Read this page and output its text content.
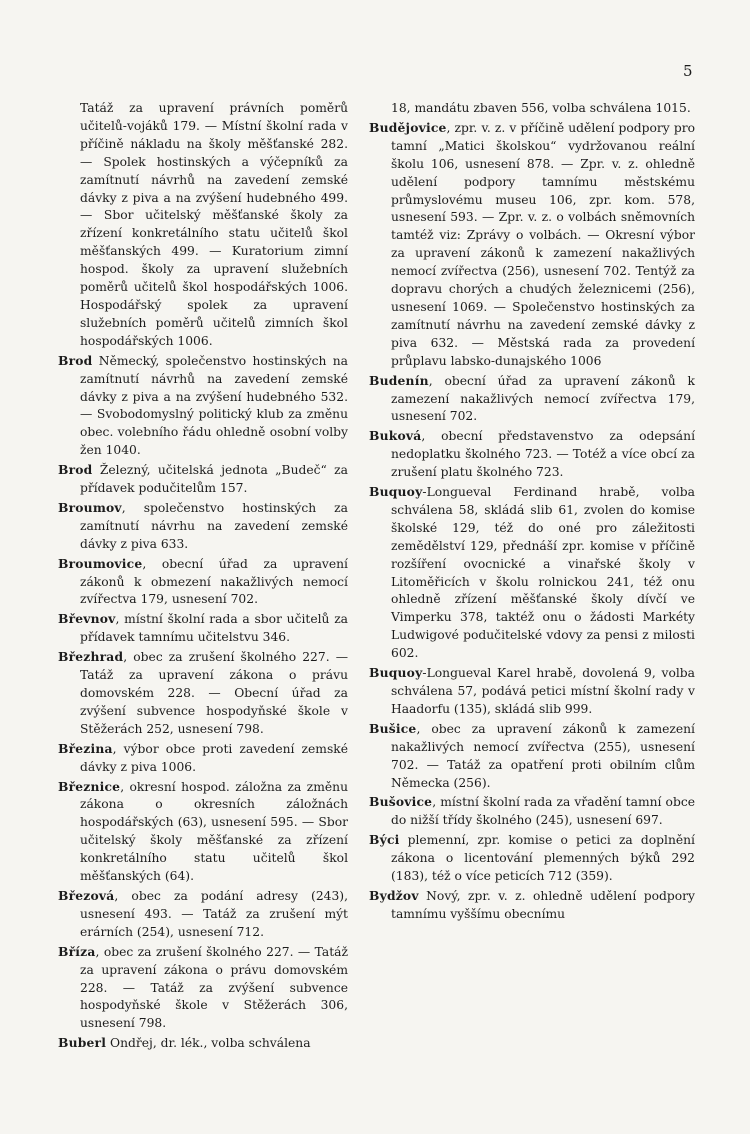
5

Tatáž za upravení právních poměrů učitelů-vojáků 179. — Místní školní rada v příčině nákladu na školy měšťanské 282. — Spolek hostinských a výčepníků za zamítnutí návrhů na zavedení zemské dávky z piva a na zvýšení hudebného 499. — Sbor učitelský měšťanské školy za zřízení konkretálního statu učitelů škol měšťanských 499. — Kuratorium zimní hospod. školy za upravení služebních poměrů učitelů škol hospodářských 1006. Hospodářský spolek za upravení služebních poměrů učitelů zimních škol hospodářských 1006.

Brod Německý, společenstvo hostinských na zamítnutí návrhů na zavedení zemské dávky z piva a na zvýšení hudebného 532. — Svobodomyslný politický klub za změnu obec. volebního řádu ohledně osobní volby žen 1040.

Brod Železný, učitelská jednota „Budeč“ za přídavek podučitelům 157.

Broumov, společenstvo hostinských za zamítnutí návrhu na zavedení zemské dávky z piva 633.

Broumovice, obecní úřad za upravení zákonů k obmezení nakažlivých nemocí zvířectva 179, usnesení 702.

Břevnov, místní školní rada a sbor učitelů za přídavek tamnímu učitelstvu 346.

Březhrad, obec za zrušení školného 227. — Tatáž za upravení zákona o právu domovském 228. — Obecní úřad za zvýšení subvence hospodyňské škole v Stěžerách 252, usnesení 798.

Březina, výbor obce proti zavedení zemské dávky z piva 1006.

Březnice, okresní hospod. záložna za změnu zákona o okresních záložnách hospodářských (63), usnesení 595. — Sbor učitelský školy měšťanské za zřízení konkretálního statu učitelů škol měšťanských (64).

Březová, obec za podání adresy (243), usnesení 493. — Tatáž za zrušení mýt erárních (254), usnesení 712.

Bříza, obec za zrušení školného 227. — Tatáž za upravení zákona o právu domovském 228. — Tatáž za zvýšení subvence hospodyňské škole v Stěžerách 306, usnesení 798.

Buberl Ondřej, dr. lék., volba schválena

18, mandátu zbaven 556, volba schválena 1015.

Budějovice, zpr. v. z. v příčině udělení podpory pro tamní „Matici školskou“ vydržovanou reální školu 106, usnesení 878. — Zpr. v. z. ohledně udělení podpory tamnímu městskému průmyslovému museu 106, zpr. kom. 578, usnesení 593. — Zpr. v. z. o volbách sněmovních tamtéž viz: Zprávy o volbách. — Okresní výbor za upravení zákonů k zamezení nakažlivých nemocí zvířectva (256), usnesení 702. Tentýž za dopravu chorých a chudých železnicemi (256), usnesení 1069. — Společenstvo hostinských za zamítnutí návrhu na zavedení zemské dávky z piva 632. — Městská rada za provedení průplavu labsko-dunajského 1006

Budenín, obecní úřad za upravení zákonů k zamezení nakažlivých nemocí zvířectva 179, usnesení 702.

Buková, obecní představenstvo za odepsání nedoplatku školného 723. — Totéž a více obcí za zrušení platu školného 723.

Buquoy-Longueval Ferdinand hrabě, volba schválena 58, skládá slib 61, zvolen do komise školské 129, též do oné pro záležitosti zemědělství 129, přednáší zpr. komise v příčině rozšíření ovocnické a vinařské školy v Litoměřicích v školu rolnickou 241, též onu ohledně zřízení měšťanské školy dívčí ve Vimperku 378, taktéž onu o žádosti Markéty Ludwigové podučitelské vdovy za pensi z milosti 602.

Buquoy-Longueval Karel hrabě, dovolená 9, volba schválena 57, podává petici místní školní rady v Haadorfu (135), skládá slib 999.

Bušice, obec za upravení zákonů k zamezení nakažlivých nemocí zvířectva (255), usnesení 702. — Tatáž za opatření proti obilním clům Německa (256).

Bušovice, místní školní rada za vřadění tamní obce do nižší třídy školného (245), usnesení 697.

Býci plemenní, zpr. komise o petici za doplnění zákona o licentování plemenných býků 292 (183), též o více peticích 712 (359).

Bydžov Nový, zpr. v. z. ohledně udělení podpory tamnímu vyššímu obecnímu
